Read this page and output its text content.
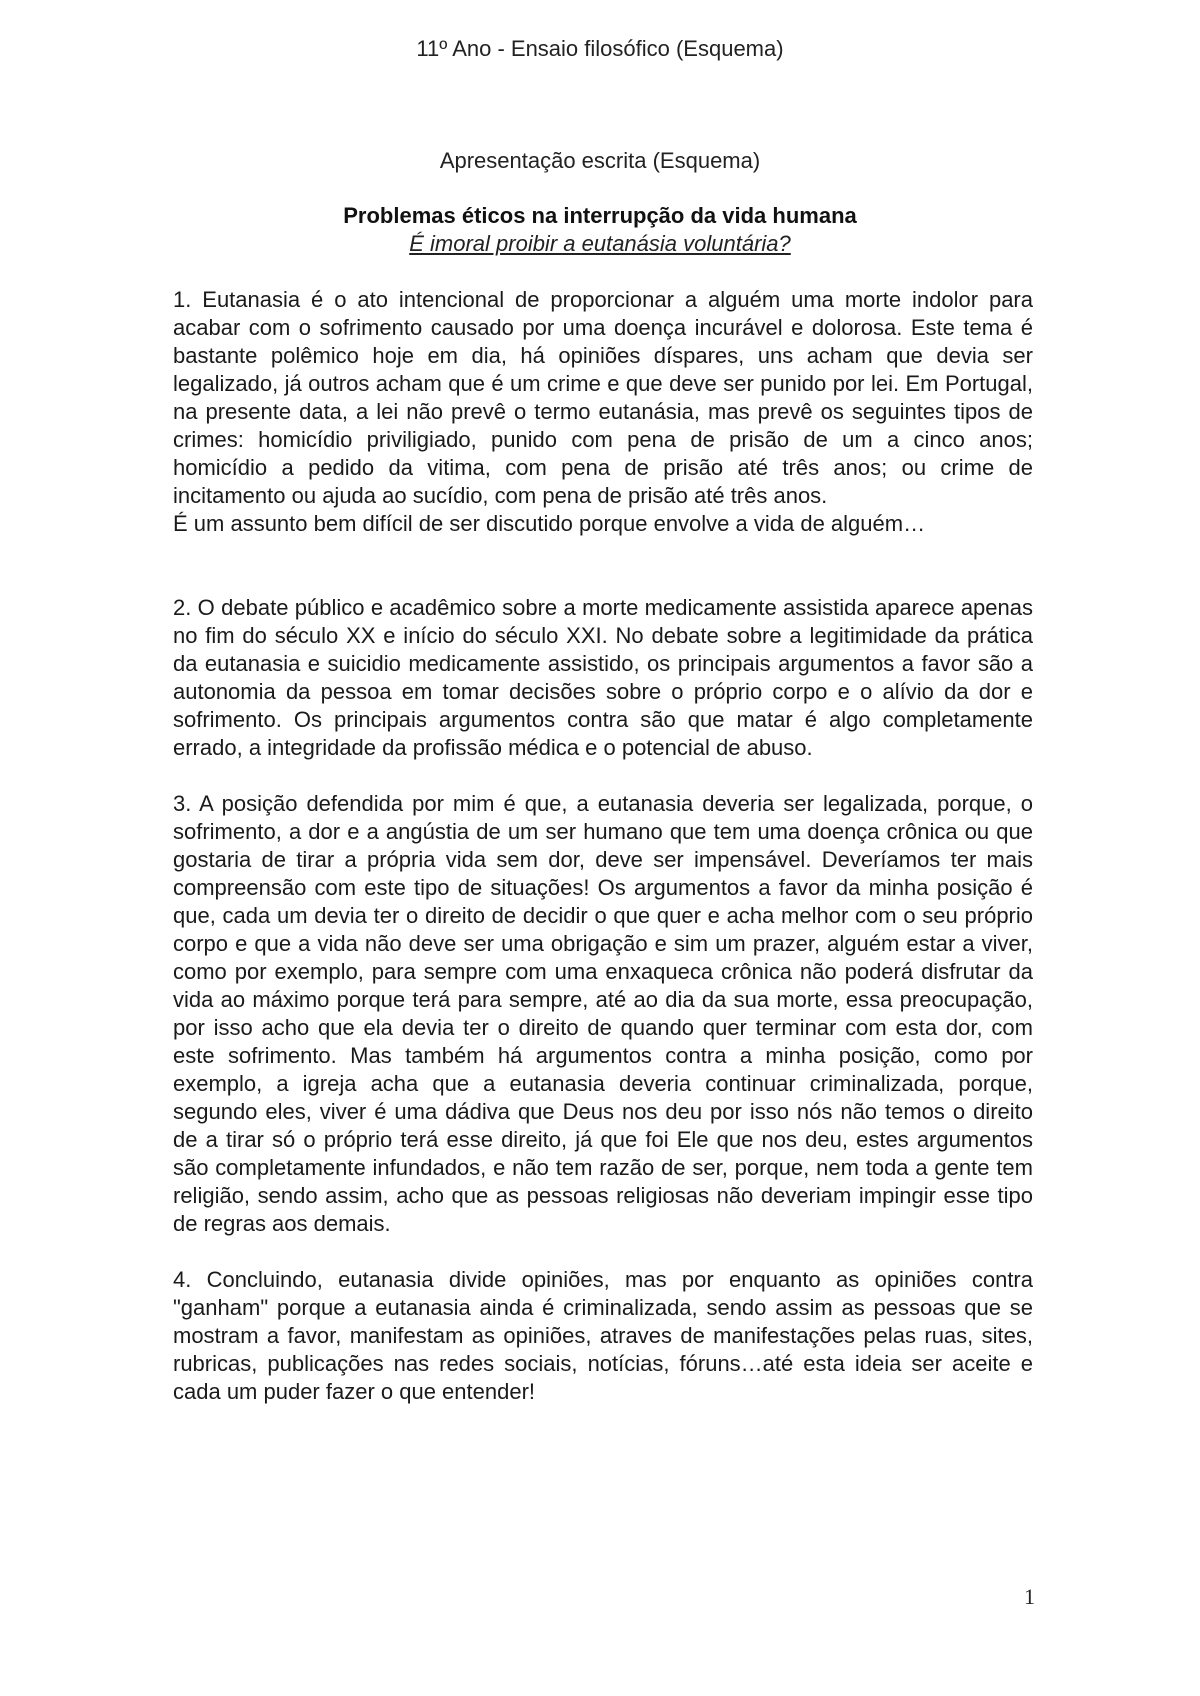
11º Ano - Ensaio filosófico (Esquema)
Apresentação escrita (Esquema)
Problemas éticos na interrupção da vida humana
É imoral proibir a eutanásia voluntária?

1. Eutanasia é o ato intencional de proporcionar a alguém uma morte indolor para acabar com o sofrimento causado por uma doença incurável e dolorosa. Este tema é bastante polêmico hoje em dia, há opiniões díspares, uns acham que devia ser legalizado, já outros acham que é um crime e que deve ser punido por lei. Em Portugal, na presente data, a lei não prevê o termo eutanásia, mas prevê os seguintes tipos de crimes: homicídio priviligiado, punido com pena de prisão de um a cinco anos; homicídio a pedido da vitima, com pena de prisão até três anos; ou crime de incitamento ou ajuda ao sucídio, com pena de prisão até três anos.

É um assunto bem difícil de ser discutido porque envolve a vida de alguém…

2. O debate público e acadêmico sobre a morte medicamente assistida aparece apenas no fim do século XX e início do século XXI. No debate sobre a legitimidade da prática da eutanasia e suicidio medicamente assistido, os principais argumentos a favor são a autonomia da pessoa em tomar decisões sobre o próprio corpo e o alívio da dor e sofrimento. Os principais argumentos contra são que matar é algo completamente errado, a integridade da profissão médica e o potencial de abuso.

3. A posição defendida por mim é que, a eutanasia deveria ser legalizada, porque, o sofrimento, a dor e a angústia de um ser humano que tem uma doença crônica ou que gostaria de tirar a própria vida sem dor, deve ser impensável. Deveríamos ter mais compreensão com este tipo de situações! Os argumentos a favor da minha posição é que, cada um devia ter o direito de decidir o que quer e acha melhor com o seu próprio corpo e que a vida não deve ser uma obrigação e sim um prazer, alguém estar a viver, como por exemplo, para sempre com uma enxaqueca crônica não poderá disfrutar da vida ao máximo porque terá para sempre, até ao dia da sua morte, essa preocupação, por isso acho que ela devia ter o direito de quando quer terminar com esta dor, com este sofrimento. Mas também há argumentos contra a minha posição, como por exemplo, a igreja acha que a eutanasia deveria continuar criminalizada, porque, segundo eles, viver é uma dádiva que Deus nos deu por isso nós não temos o direito de a tirar só o próprio terá esse direito, já que foi Ele que nos deu, estes argumentos são completamente infundados, e não tem razão de ser, porque, nem toda a gente tem religião, sendo assim, acho que as pessoas religiosas não deveriam impingir esse tipo de regras aos demais.

4. Concluindo, eutanasia divide opiniões, mas por enquanto as opiniões contra "ganham" porque a eutanasia ainda é criminalizada, sendo assim as pessoas que se mostram a favor, manifestam as opiniões, atraves de manifestações pelas ruas, sites, rubricas, publicações nas redes sociais, notícias, fóruns…até esta ideia ser aceite e cada um puder fazer o que entender!

1
